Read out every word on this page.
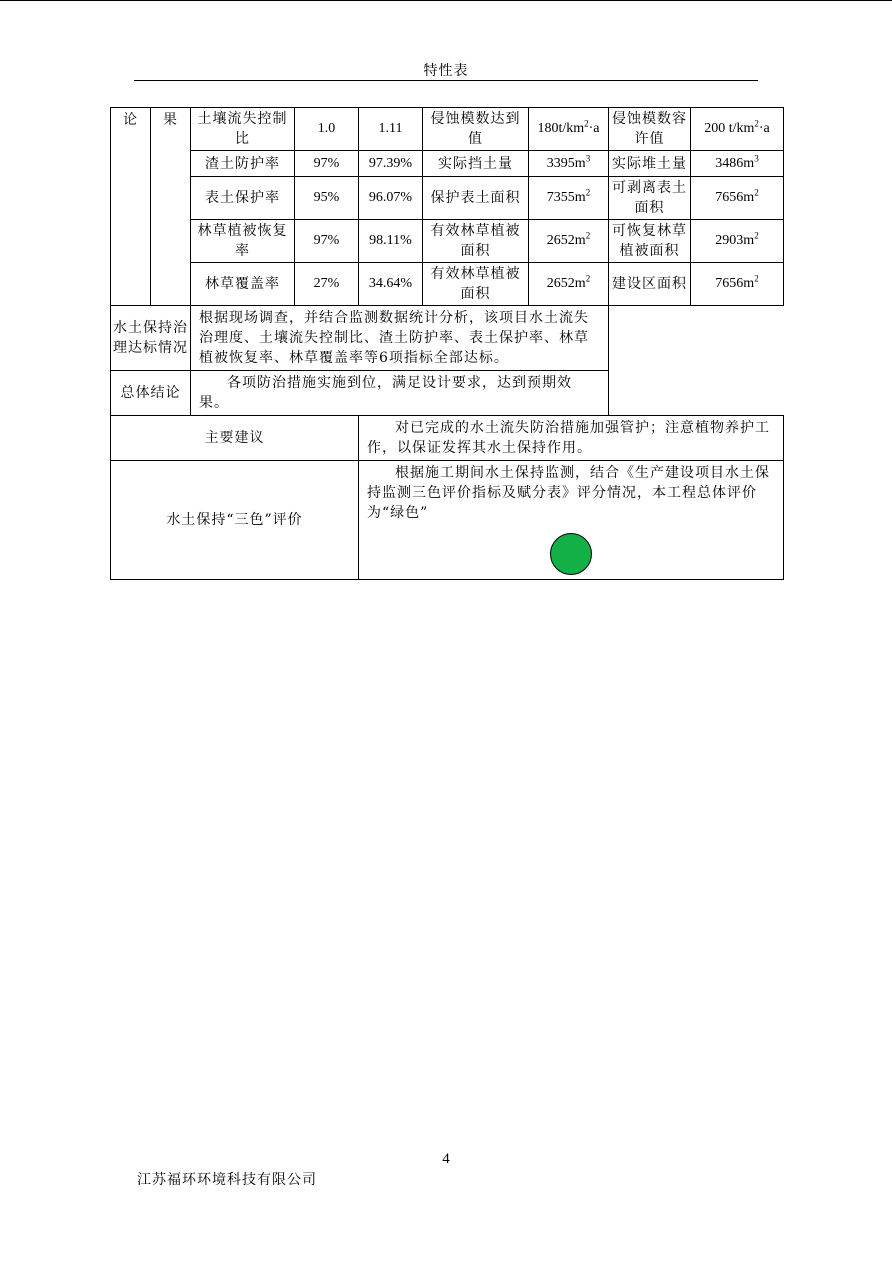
特性表
论	果	土壤流失控制比	1.0	1.11	侵蚀模数达到值	$180t/km^2\cdot a$	侵蚀模数容许值	200 $t/km^2\cdot a$
		渣土防护率	97%	97.39%	实际挡土量	$3395m^3$	实际堆土量	$3486m^3$
		表土保护率	95%	96.07%	保护表土面积	$7355m^2$	可剥离表土面积	$7656m^2$
		林草植被恢复率	97%	98.11%	有效林草植被面积	$2652m^2$	可恢复林草植被面积	$2903m^2$
		林草覆盖率	27%	34.64%	有效林草植被面积	$2652m^2$	建设区面积	$7656m^2$
水土保持治理达标情况		根据现场调查，并结合监测数据统计分析，该项目水土流失治理度、土壤流失控制比、渣土防护率、表土保护率、林草植被恢复率、林草覆盖率等6项指标全部达标。						
总体结论		各项防治措施实施到位，满足设计要求，达到预期效果。						
主要建议				对已完成的水土流失防治措施加强管护；注意植物养护工作，以保证发挥其水土保持作用。				
水土保持“三色”评价				根据施工期间水土保持监测，结合《生产建设项目水土保持监测三色评价指标及赋分表》评分情况，本工程总体评价为“绿色”				
4
江苏福环环境科技有限公司
